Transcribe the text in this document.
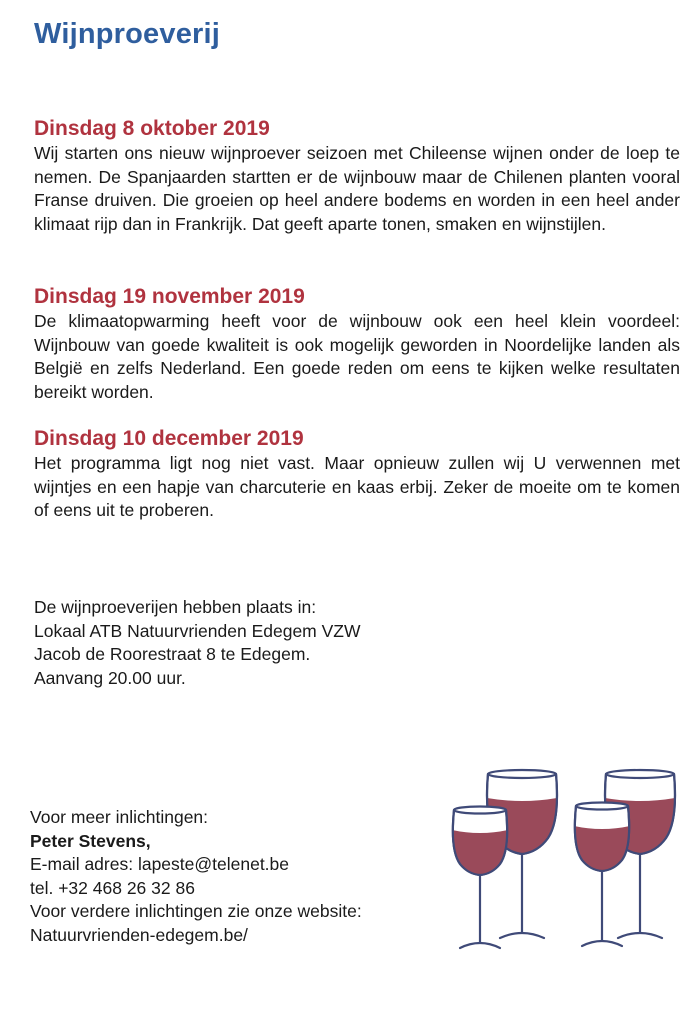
Wijnproeverij
Dinsdag 8 oktober 2019
Wij starten ons nieuw wijnproever seizoen met Chileense wijnen onder de loep te nemen. De Spanjaarden startten er de wijnbouw maar de Chilenen planten vooral Franse druiven. Die groeien op heel andere bodems en worden in een heel ander klimaat rijp dan in Frankrijk. Dat geeft aparte tonen, smaken en wijnstijlen.
Dinsdag 19 november 2019
De klimaatopwarming heeft voor de wijnbouw ook een heel klein voordeel: Wijnbouw van goede kwaliteit is ook mogelijk geworden in Noordelijke landen als België en zelfs Nederland. Een goede reden om eens te kijken welke resultaten bereikt worden.
Dinsdag 10 december 2019
Het programma ligt nog niet vast. Maar opnieuw zullen wij U verwennen met wijntjes en een hapje van charcuterie en kaas erbij. Zeker de moeite om te komen of eens uit te proberen.
De wijnproeverijen hebben plaats in:
Lokaal ATB Natuurvrienden Edegem VZW
Jacob de Roorestraat 8 te Edegem.
Aanvang 20.00 uur.
Voor meer inlichtingen:
Peter Stevens,
E-mail adres: lapeste@telenet.be
tel. +32 468 26 32 86
Voor verdere inlichtingen zie onze website:
Natuurvrienden-edegem.be/
